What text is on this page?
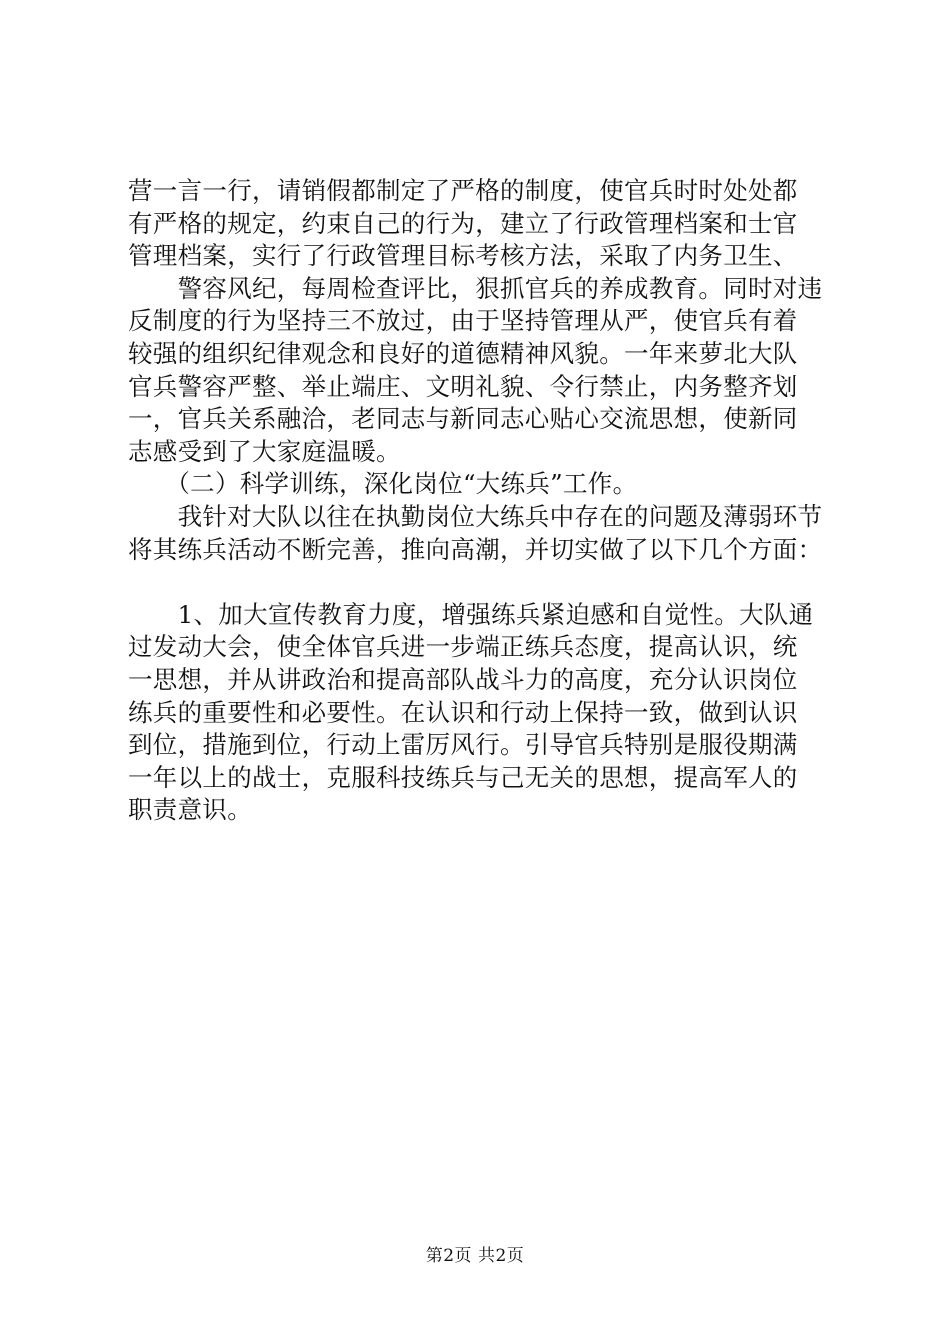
营一言一行，请销假都制定了严格的制度，使官兵时时处处都
有严格的规定，约束自己的行为，建立了行政管理档案和士官
管理档案，实行了行政管理目标考核方法，采取了内务卫生、
　　警容风纪，每周检查评比，狠抓官兵的养成教育。同时对违
反制度的行为坚持三不放过，由于坚持管理从严，使官兵有着
较强的组织纪律观念和良好的道德精神风貌。一年来萝北大队
官兵警容严整、举止端庄、文明礼貌、令行禁止，内务整齐划
一，官兵关系融洽，老同志与新同志心贴心交流思想，使新同
志感受到了大家庭温暖。
　　（二）科学训练，深化岗位“大练兵”工作。
　　我针对大队以往在执勤岗位大练兵中存在的问题及薄弱环节
将其练兵活动不断完善，推向高潮，并切实做了以下几个方面：
　　1、加大宣传教育力度，增强练兵紧迫感和自觉性。大队通
过发动大会，使全体官兵进一步端正练兵态度，提高认识，统
一思想，并从讲政治和提高部队战斗力的高度，充分认识岗位
练兵的重要性和必要性。在认识和行动上保持一致，做到认识
到位，措施到位，行动上雷厉风行。引导官兵特别是服役期满
一年以上的战士，克服科技练兵与己无关的思想，提高军人的
职责意识。
第2页 共2页
